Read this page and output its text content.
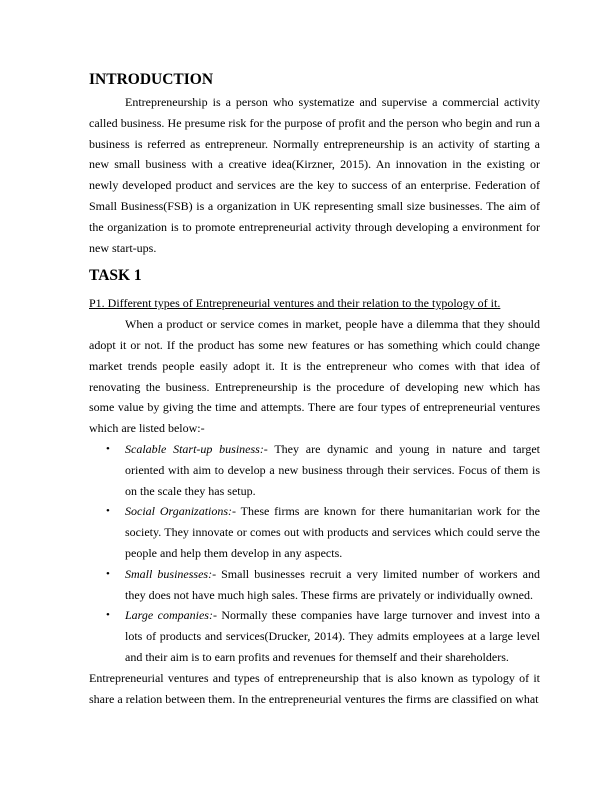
INTRODUCTION

Entrepreneurship is a person who systematize and supervise a commercial activity called business. He presume risk for the purpose of profit and the person who begin and run a business is referred as entrepreneur. Normally entrepreneurship is an activity of starting a new small business with a creative idea(Kirzner, 2015). An innovation in the existing or newly developed product and services are the key to success of an enterprise. Federation of Small Business(FSB) is a organization in UK representing small size businesses. The aim of the organization is to promote entrepreneurial activity through developing a environment for new start-ups.

TASK 1

P1. Different types of Entrepreneurial ventures and their relation to the typology of it.

When a product or service comes in market, people have a dilemma that they should adopt it or not. If the product has some new features or has something which could change market trends people easily adopt it. It is the entrepreneur who comes with that idea of renovating the business. Entrepreneurship is the procedure of developing new which has some value by giving the time and attempts. There are four types of entrepreneurial ventures which are listed below:-

• Scalable Start-up business:- They are dynamic and young in nature and target oriented with aim to develop a new business through their services. Focus of them is on the scale they has setup.
• Social Organizations:- These firms are known for there humanitarian work for the society. They innovate or comes out with products and services which could serve the people and help them develop in any aspects.
• Small businesses:- Small businesses recruit a very limited number of workers and they does not have much high sales. These firms are privately or individually owned.
• Large companies:- Normally these companies have large turnover and invest into a lots of products and services(Drucker, 2014). They admits employees at a large level and their aim is to earn profits and revenues for themself and their shareholders.

Entrepreneurial ventures and types of entrepreneurship that is also known as typology of it share a relation between them. In the entrepreneurial ventures the firms are classified on what
